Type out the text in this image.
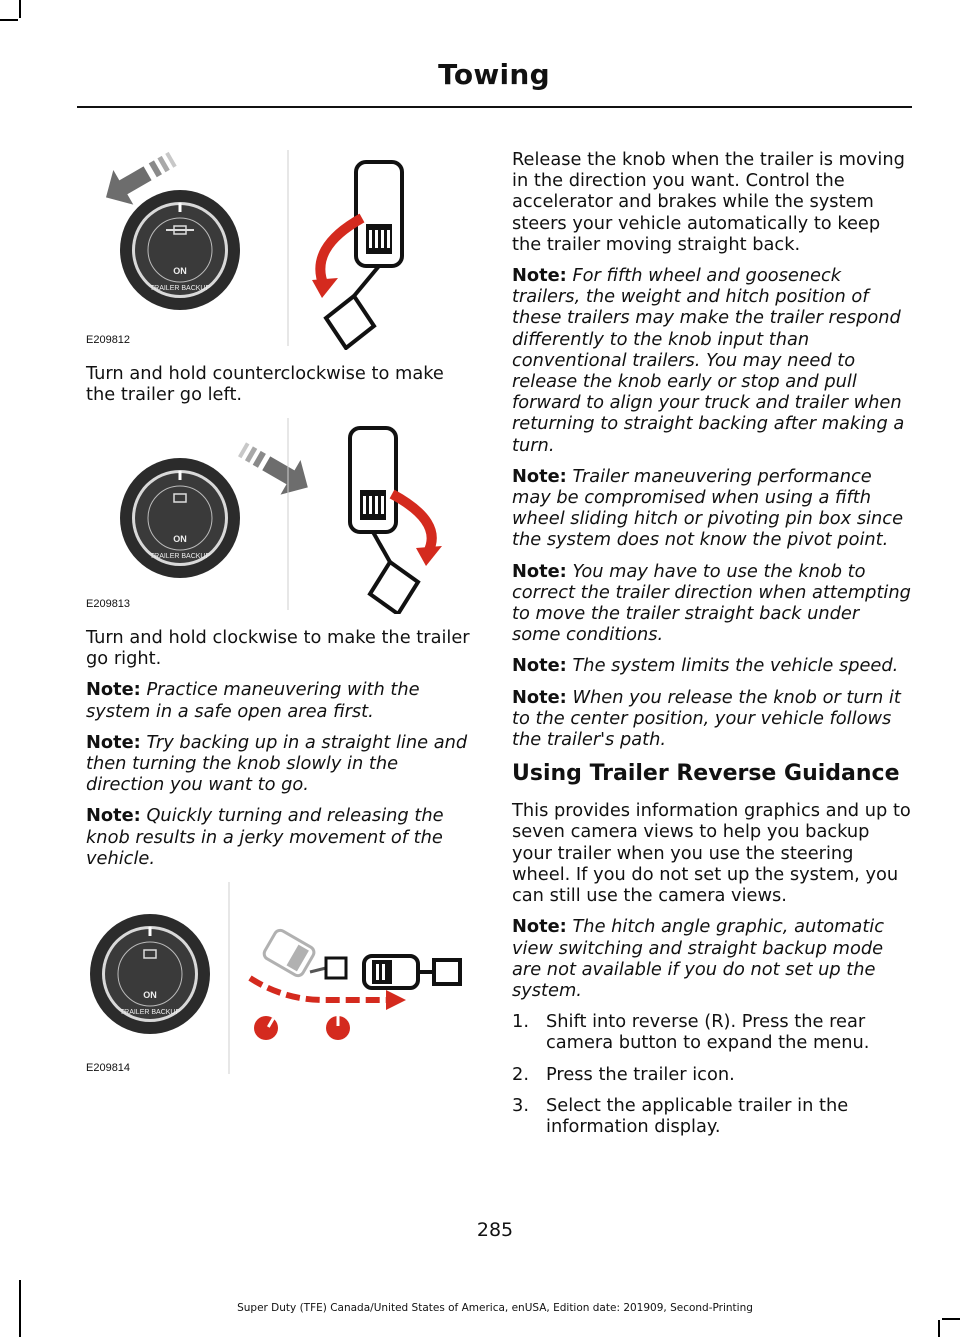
Towing
ON
TRAILER BACKUP
E209812

Turn and hold counterclockwise to make the trailer go left.

ON
TRAILER BACKUP
E209813

Turn and hold clockwise to make the trailer go right.

Note: Practice maneuvering with the system in a safe open area first.

Note: Try backing up in a straight line and then turning the knob slowly in the direction you want to go.

Note: Quickly turning and releasing the knob results in a jerky movement of the vehicle.

ON
TRAILER BACKUP
E209814

Release the knob when the trailer is moving in the direction you want. Control the accelerator and brakes while the system steers your vehicle automatically to keep the trailer moving straight back.

Note: For fifth wheel and gooseneck trailers, the weight and hitch position of these trailers may make the trailer respond differently to the knob input than conventional trailers. You may need to release the knob early or stop and pull forward to align your truck and trailer when returning to straight backing after making a turn.

Note: Trailer maneuvering performance may be compromised when using a fifth wheel sliding hitch or pivoting pin box since the system does not know the pivot point.

Note: You may have to use the knob to correct the trailer direction when attempting to move the trailer straight back under some conditions.

Note: The system limits the vehicle speed.

Note: When you release the knob or turn it to the center position, your vehicle follows the trailer's path.

Using Trailer Reverse Guidance

This provides information graphics and up to seven camera views to help you backup your trailer when you use the steering wheel. If you do not set up the system, you can still use the camera views.

Note: The hitch angle graphic, automatic view switching and straight backup mode are not available if you do not set up the system.

1. Shift into reverse (R). Press the rear camera button to expand the menu.
2. Press the trailer icon.
3. Select the applicable trailer in the information display.
285
Super Duty (TFE) Canada/United States of America, enUSA, Edition date: 201909, Second-Printing
